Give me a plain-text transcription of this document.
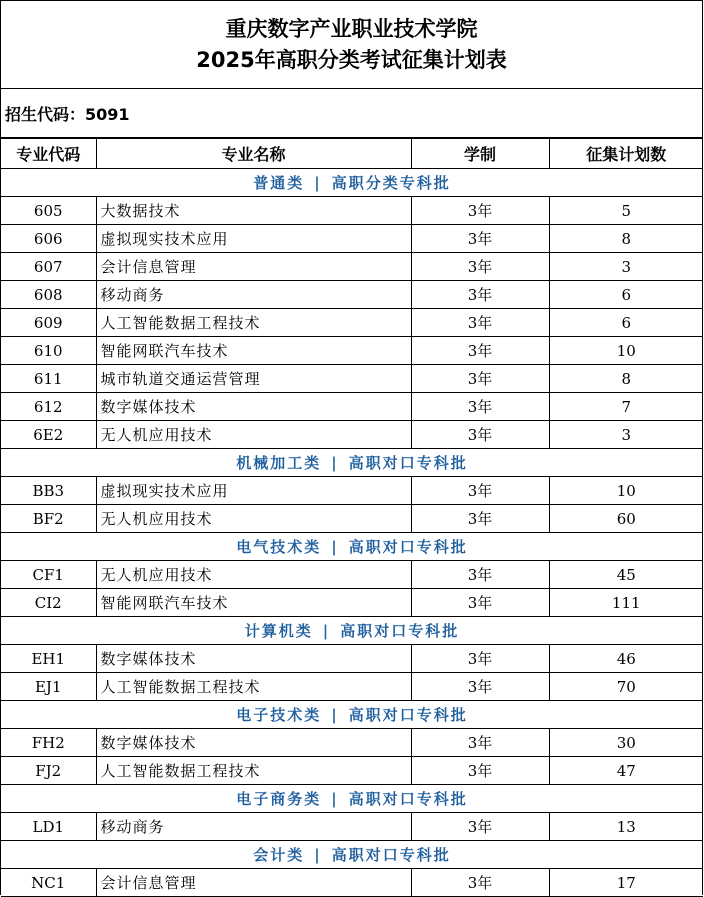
重庆数字产业职业技术学院
2025年高职分类考试征集计划表
招生代码：5091
专业代码	专业名称	学制	征集计划数
普通类 | 高职分类专科批			
605	大数据技术	3年	5
606	虚拟现实技术应用	3年	8
607	会计信息管理	3年	3
608	移动商务	3年	6
609	人工智能数据工程技术	3年	6
610	智能网联汽车技术	3年	10
611	城市轨道交通运营管理	3年	8
612	数字媒体技术	3年	7
6E2	无人机应用技术	3年	3
机械加工类 | 高职对口专科批			
BB3	虚拟现实技术应用	3年	10
BF2	无人机应用技术	3年	60
电气技术类 | 高职对口专科批			
CF1	无人机应用技术	3年	45
CI2	智能网联汽车技术	3年	111
计算机类 | 高职对口专科批			
EH1	数字媒体技术	3年	46
EJ1	人工智能数据工程技术	3年	70
电子技术类 | 高职对口专科批			
FH2	数字媒体技术	3年	30
FJ2	人工智能数据工程技术	3年	47
电子商务类 | 高职对口专科批			
LD1	移动商务	3年	13
会计类 | 高职对口专科批			
NC1	会计信息管理	3年	17
